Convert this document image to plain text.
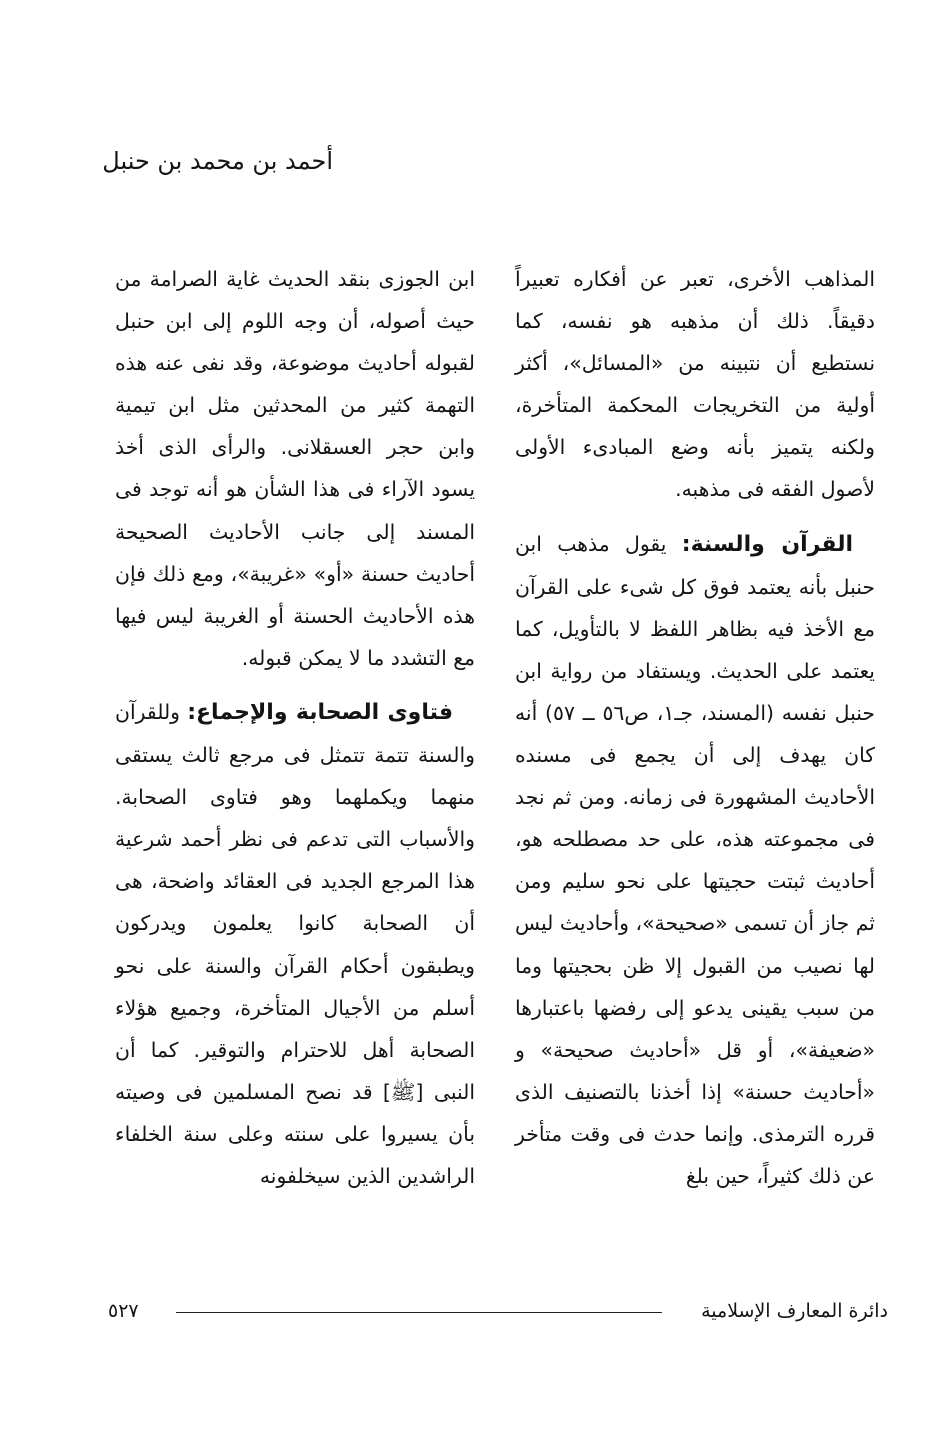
أحمد بن محمد بن حنبل

المذاهب الأخرى، تعبر عن أفكاره تعبيراً دقيقاً. ذلك أن مذهبه هو نفسه، كما نستطيع أن نتبينه من «المسائل»، أكثر أولية من التخريجات المحكمة المتأخرة، ولكنه يتميز بأنه وضع المبادىء الأولى لأصول الفقه فى مذهبه.

القرآن والسنة: يقول مذهب ابن حنبل بأنه يعتمد فوق كل شىء على القرآن مع الأخذ فيه بظاهر اللفظ لا بالتأويل، كما يعتمد على الحديث. ويستفاد من رواية ابن حنبل نفسه (المسند، جـ١، ص٥٦ ــ ٥٧) أنه كان يهدف إلى أن يجمع فى مسنده الأحاديث المشهورة فى زمانه. ومن ثم نجد فى مجموعته هذه، على حد مصطلحه هو، أحاديث ثبتت حجيتها على نحو سليم ومن ثم جاز أن تسمى «صحيحة»، وأحاديث ليس لها نصيب من القبول إلا ظن بحجيتها وما من سبب يقينى يدعو إلى رفضها باعتبارها «ضعيفة»، أو قل «أحاديث صحيحة» و «أحاديث حسنة» إذا أخذنا بالتصنيف الذى قرره الترمذى. وإنما حدث فى وقت متأخر عن ذلك كثيراً، حين بلغ

ابن الجوزى بنقد الحديث غاية الصرامة من حيث أصوله، أن وجه اللوم إلى ابن حنبل لقبوله أحاديث موضوعة، وقد نفى عنه هذه التهمة كثير من المحدثين مثل ابن تيمية وابن حجر العسقلانى. والرأى الذى أخذ يسود الآراء فى هذا الشأن هو أنه توجد فى المسند إلى جانب الأحاديث الصحيحة أحاديث حسنة «أو» «غريبة»، ومع ذلك فإن هذه الأحاديث الحسنة أو الغريبة ليس فيها مع التشدد ما لا يمكن قبوله.

فتاوى الصحابة والإجماع: وللقرآن والسنة تتمة تتمثل فى مرجع ثالث يستقى منهما ويكملهما وهو فتاوى الصحابة. والأسباب التى تدعم فى نظر أحمد شرعية هذا المرجع الجديد فى العقائد واضحة، هى أن الصحابة كانوا يعلمون ويدركون ويطبقون أحكام القرآن والسنة على نحو أسلم من الأجيال المتأخرة، وجميع هؤلاء الصحابة أهل للاحترام والتوقير. كما أن النبى [ﷺ] قد نصح المسلمين فى وصيته بأن يسيروا على سنته وعلى سنة الخلفاء الراشدين الذين سيخلفونه

دائرة المعارف الإسلامية
٥٢٧
